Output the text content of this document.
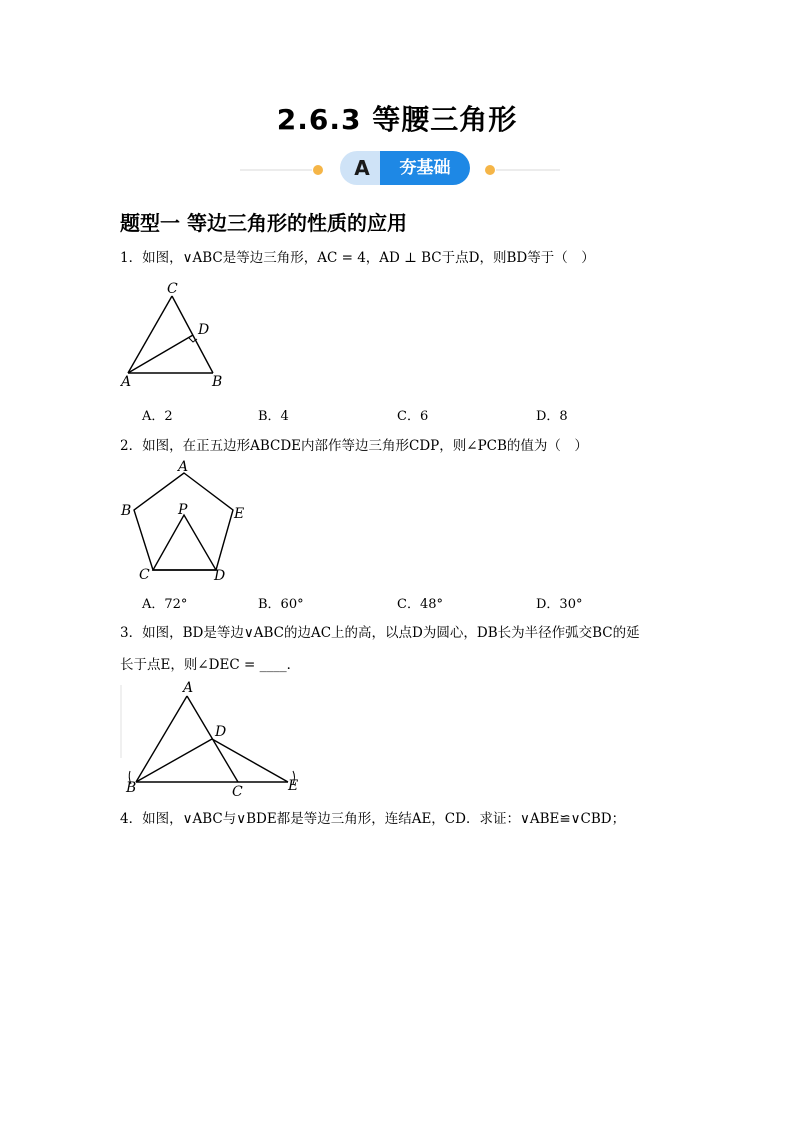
2.6.3 等腰三角形
A	夯基础
题型一 等边三角形的性质的应用
1．如图，∨ABC是等边三角形，AC = 4，AD ⊥ BC于点D，则BD等于（　）
C
D
A	B
A．2	B．4	C．6	D．8
2．如图，在正五边形ABCDE内部作等边三角形CDP，则∠PCB的值为（　）
A
B	P	E
C	D
A．72°	B．60°	C．48°	D．30°
3．如图，BD是等边∨ABC的边AC上的高，以点D为圆心，DB长为半径作弧交BC的延
长于点E，则∠DEC = ____．
A
D
B	C	E
4．如图，∨ABC与∨BDE都是等边三角形，连结AE，CD．求证：∨ABE≌∨CBD；
